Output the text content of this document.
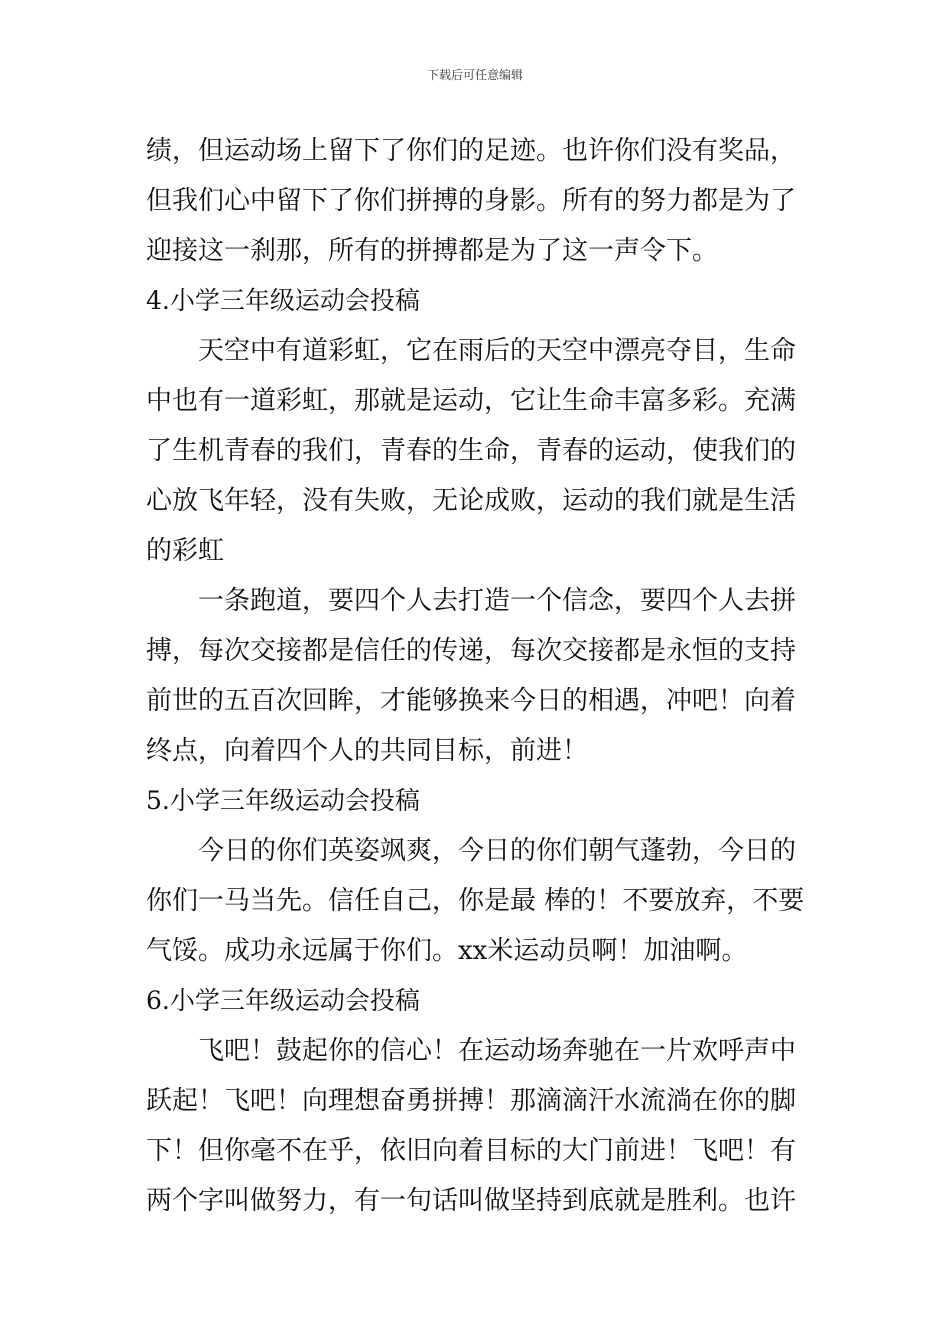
下载后可任意编辑
绩，但运动场上留下了你们的足迹。也许你们没有奖品，
但我们心中留下了你们拼搏的身影。所有的努力都是为了
迎接这一刹那，所有的拼搏都是为了这一声令下。
4.小学三年级运动会投稿
天空中有道彩虹，它在雨后的天空中漂亮夺目，生命
中也有一道彩虹，那就是运动，它让生命丰富多彩。充满
了生机青春的我们，青春的生命，青春的运动，使我们的
心放飞年轻，没有失败，无论成败，运动的我们就是生活
的彩虹
一条跑道，要四个人去打造一个信念，要四个人去拼
搏，每次交接都是信任的传递，每次交接都是永恒的支持
前世的五百次回眸，才能够换来今日的相遇，冲吧！向着
终点，向着四个人的共同目标，前进！
5.小学三年级运动会投稿
今日的你们英姿飒爽，今日的你们朝气蓬勃，今日的
你们一马当先。信任自己，你是最 棒的！不要放弃，不要
气馁。成功永远属于你们。xx米运动员啊！加油啊。
6.小学三年级运动会投稿
飞吧！鼓起你的信心！在运动场奔驰在一片欢呼声中
跃起！飞吧！向理想奋勇拼搏！那滴滴汗水流淌在你的脚
下！但你毫不在乎，依旧向着目标的大门前进！飞吧！有
两个字叫做努力，有一句话叫做坚持到底就是胜利。也许
